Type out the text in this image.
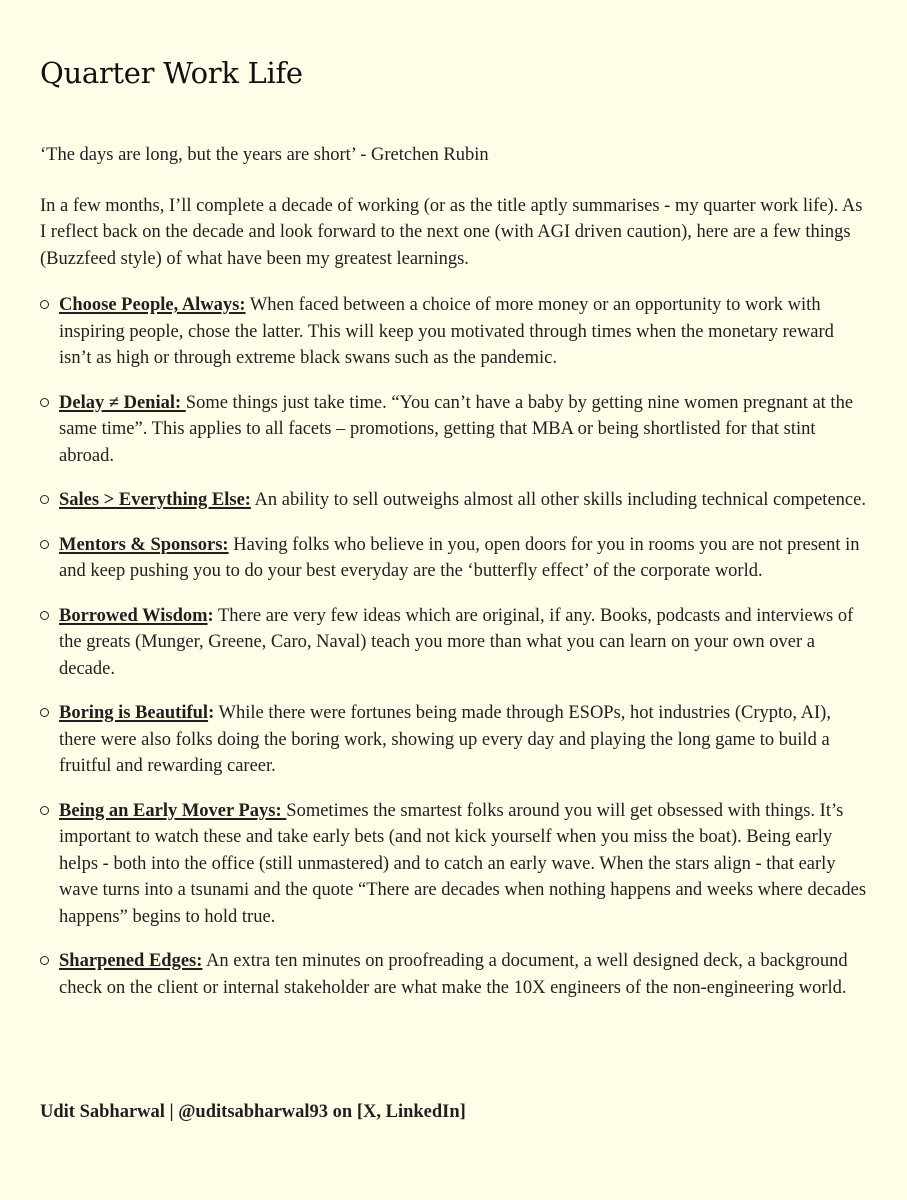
Quarter Work Life

‘The days are long, but the years are short’ - Gretchen Rubin

In a few months, I’ll complete a decade of working (or as the title aptly summarises - my quarter work life). As I reflect back on the decade and look forward to the next one (with AGI driven caution), here are a few things (Buzzfeed style) of what have been my greatest learnings.

Choose People, Always: When faced between a choice of more money or an opportunity to work with inspiring people, chose the latter. This will keep you motivated through times when the monetary reward isn’t as high or through extreme black swans such as the pandemic.
Delay ≠ Denial: Some things just take time. “You can’t have a baby by getting nine women pregnant at the same time”. This applies to all facets – promotions, getting that MBA or being shortlisted for that stint abroad.
Sales > Everything Else: An ability to sell outweighs almost all other skills including technical competence.
Mentors & Sponsors: Having folks who believe in you, open doors for you in rooms you are not present in and keep pushing you to do your best everyday are the ‘butterfly effect’ of the corporate world.
Borrowed Wisdom: There are very few ideas which are original, if any. Books, podcasts and interviews of the greats (Munger, Greene, Caro, Naval) teach you more than what you can learn on your own over a decade.
Boring is Beautiful: While there were fortunes being made through ESOPs, hot industries (Crypto, AI), there were also folks doing the boring work, showing up every day and playing the long game to build a fruitful and rewarding career.
Being an Early Mover Pays: Sometimes the smartest folks around you will get obsessed with things. It’s important to watch these and take early bets (and not kick yourself when you miss the boat). Being early helps - both into the office (still unmastered) and to catch an early wave. When the stars align - that early wave turns into a tsunami and the quote “There are decades when nothing happens and weeks where decades happens” begins to hold true.
Sharpened Edges: An extra ten minutes on proofreading a document, a well designed deck, a background check on the client or internal stakeholder are what make the 10X engineers of the non-engineering world.

Udit Sabharwal | @uditsabharwal93 on [X, LinkedIn]
